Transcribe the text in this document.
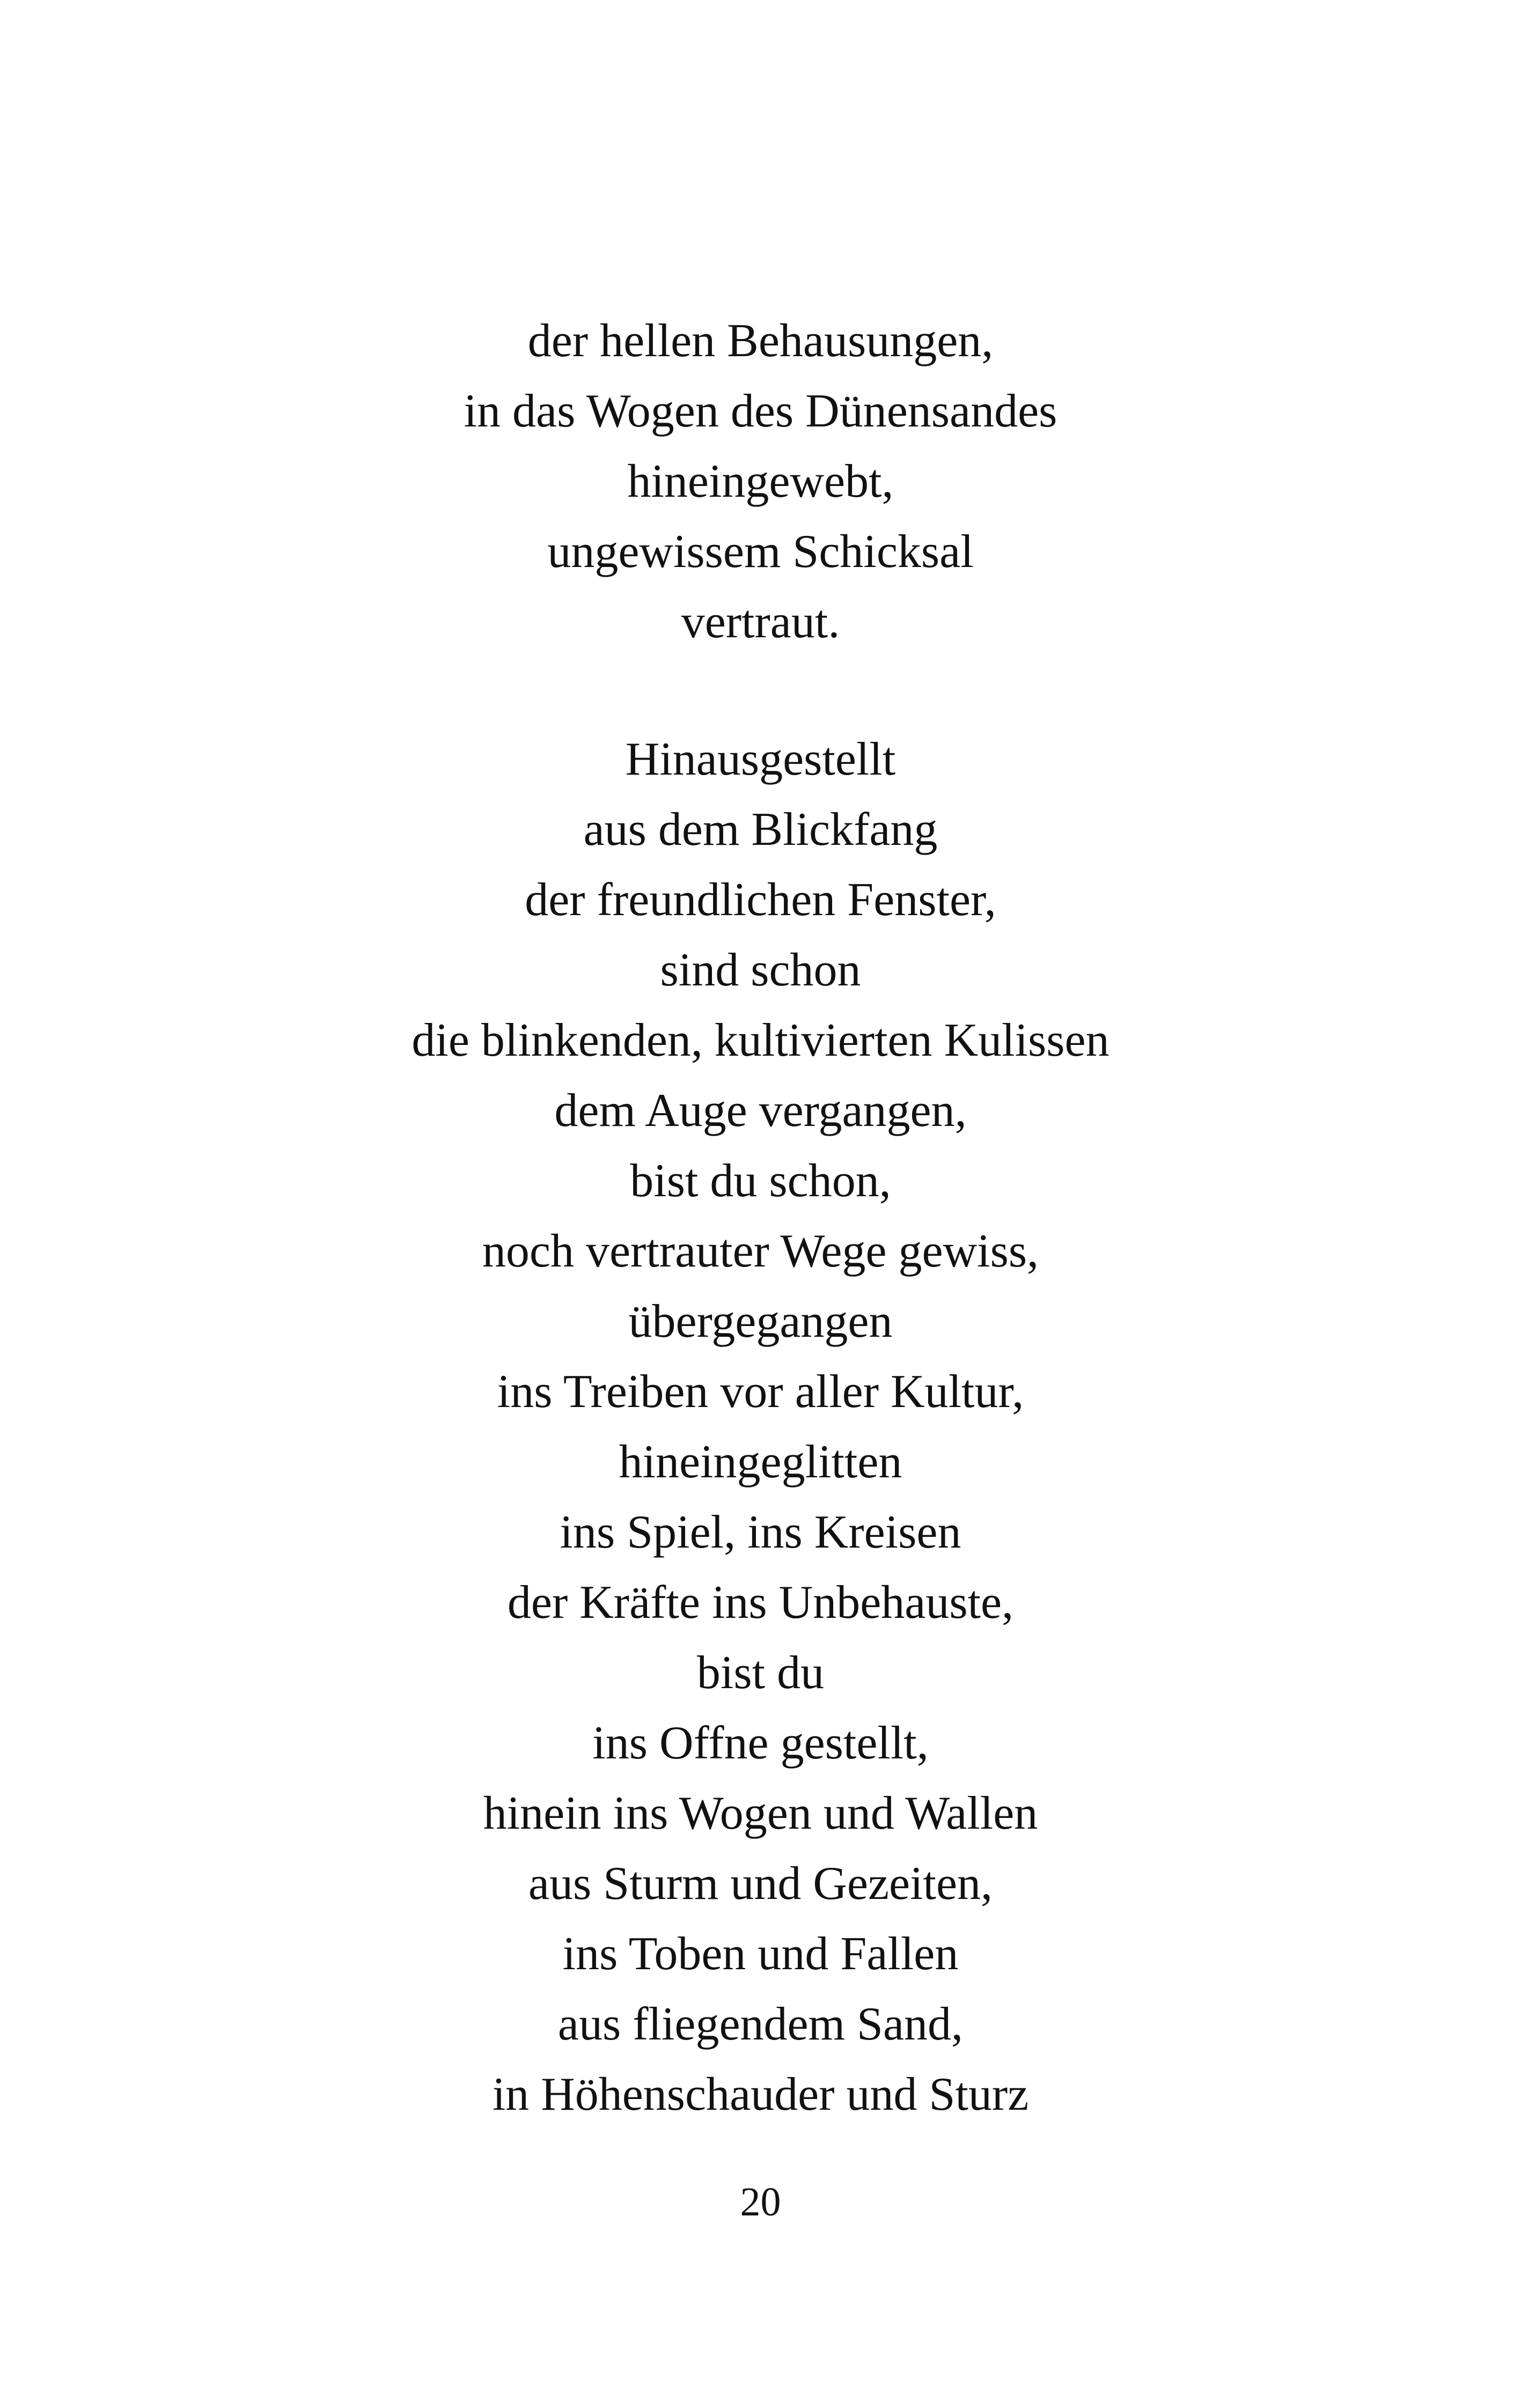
der hellen Behausungen,
in das Wogen des Dünensandes
hineingewebt,
ungewissem Schicksal
vertraut.
Hinausgestellt
aus dem Blickfang
der freundlichen Fenster,
sind schon
die blinkenden, kultivierten Kulissen
dem Auge vergangen,
bist du schon,
noch vertrauter Wege gewiss,
übergegangen
ins Treiben vor aller Kultur,
hineingeglitten
ins Spiel, ins Kreisen
der Kräfte ins Unbehauste,
bist du
ins Offne gestellt,
hinein ins Wogen und Wallen
aus Sturm und Gezeiten,
ins Toben und Fallen
aus fliegendem Sand,
in Höhenschauder und Sturz
20
